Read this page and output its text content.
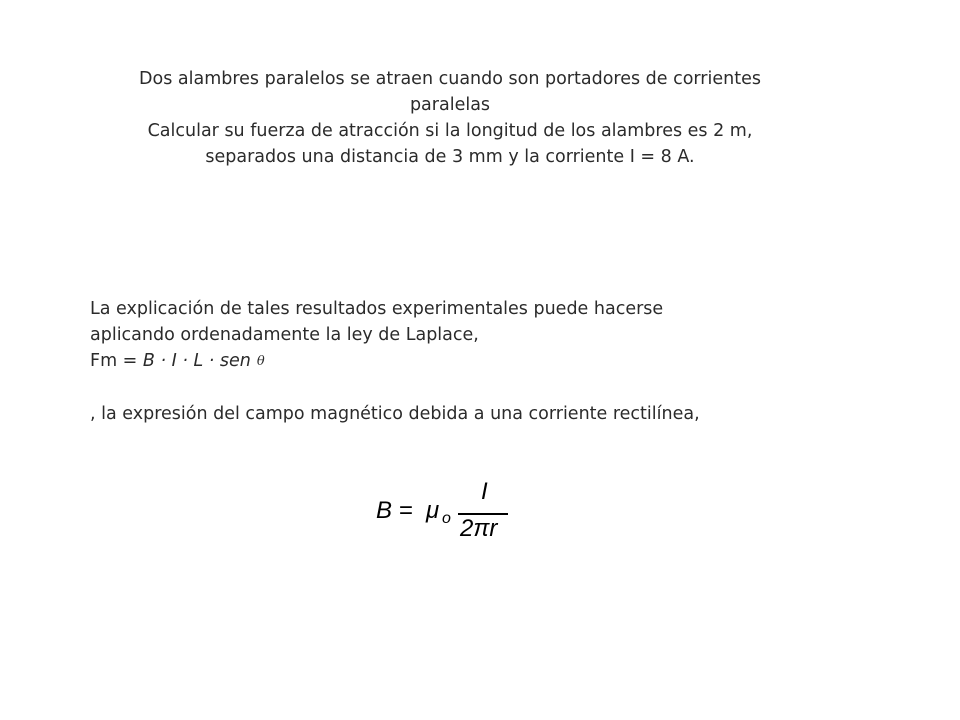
Dos alambres paralelos se atraen cuando son portadores de corrientes
paralelas
Calcular su fuerza de atracción si la longitud de los alambres es 2 m,
separados una distancia de 3 mm y la corriente I = 8 A.
La explicación de tales resultados experimentales puede hacerse
aplicando ordenadamente la ley de Laplace,
Fm = B · I · L · sen θ
, la expresión del campo magnético debida a una corriente rectilínea,
B = μ o
I
2πr
